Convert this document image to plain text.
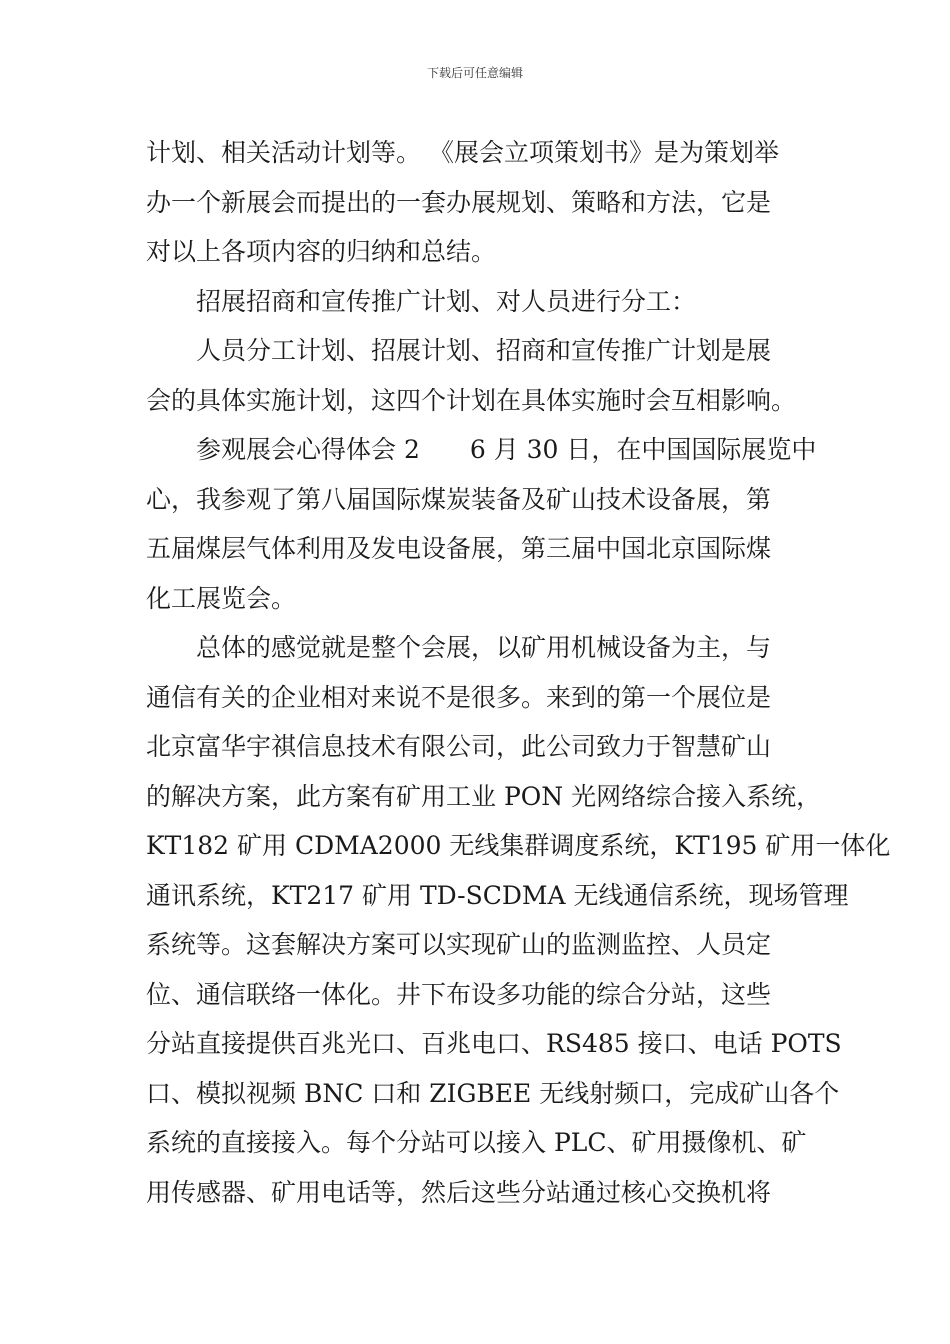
下载后可任意编辑
计划、相关活动计划等。 《展会立项策划书》是为策划举
办一个新展会而提出的一套办展规划、策略和方法，它是
对以上各项内容的归纳和总结。
招展招商和宣传推广计划、对人员进行分工：
人员分工计划、招展计划、招商和宣传推广计划是展
会的具体实施计划，这四个计划在具体实施时会互相影响。
参观展会心得体会 2　　6 月 30 日，在中国国际展览中
心，我参观了第八届国际煤炭装备及矿山技术设备展，第
五届煤层气体利用及发电设备展，第三届中国北京国际煤
化工展览会。
总体的感觉就是整个会展，以矿用机械设备为主，与
通信有关的企业相对来说不是很多。来到的第一个展位是
北京富华宇祺信息技术有限公司，此公司致力于智慧矿山
的解决方案，此方案有矿用工业 PON 光网络综合接入系统，
KT182 矿用 CDMA2000 无线集群调度系统，KT195 矿用一体化
通讯系统，KT217 矿用 TD-SCDMA 无线通信系统，现场管理
系统等。这套解决方案可以实现矿山的监测监控、人员定
位、通信联络一体化。井下布设多功能的综合分站，这些
分站直接提供百兆光口、百兆电口、RS485 接口、电话 POTS
口、模拟视频 BNC 口和 ZIGBEE 无线射频口，完成矿山各个
系统的直接接入。每个分站可以接入 PLC、矿用摄像机、矿
用传感器、矿用电话等，然后这些分站通过核心交换机将
